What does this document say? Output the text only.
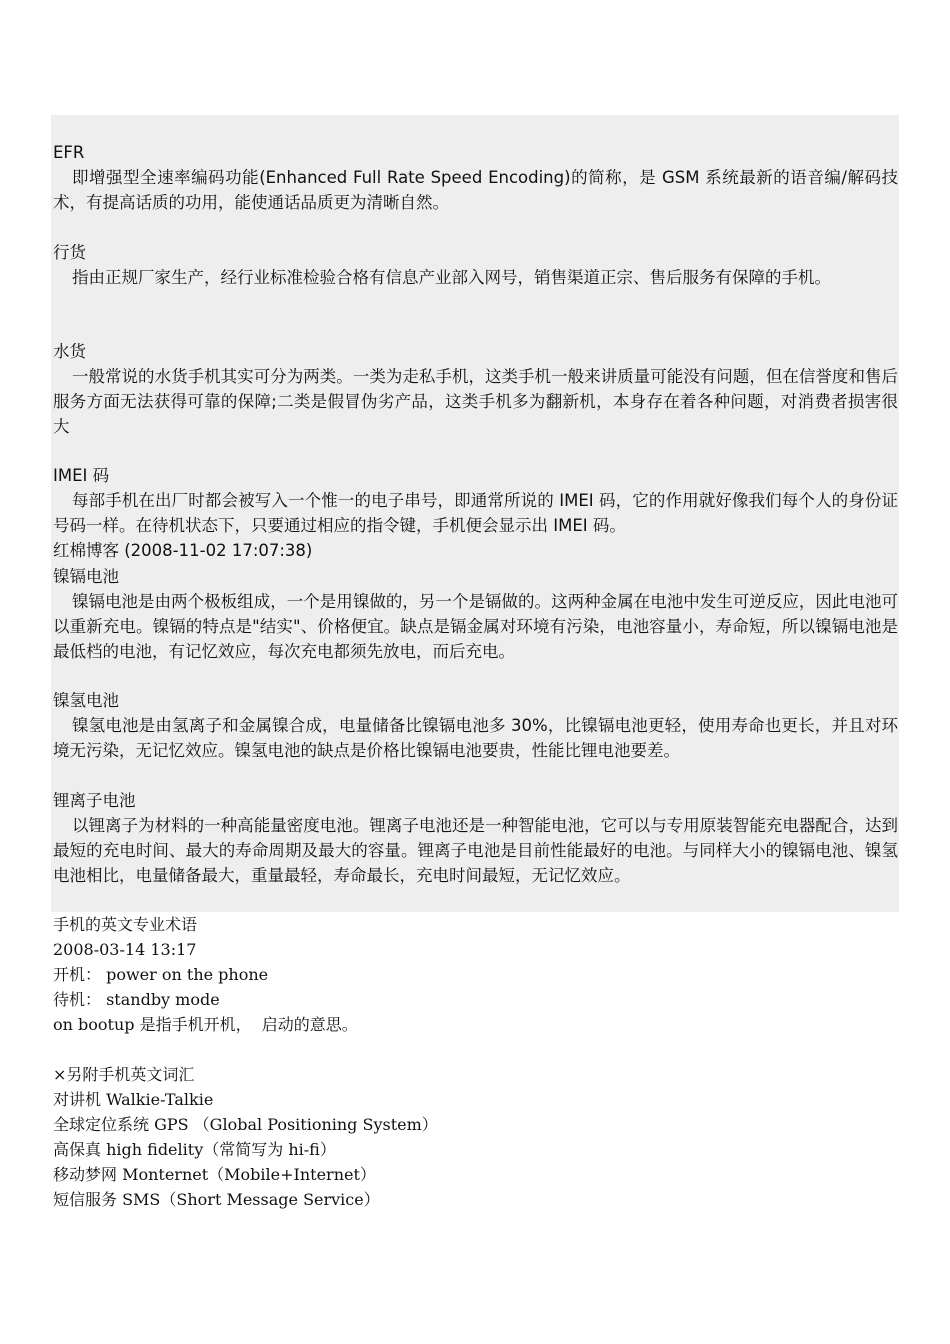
EFR

即增强型全速率编码功能(Enhanced Full Rate Speed Encoding)的简称，是 GSM 系统最新的语音编/解码技术，有提高话质的功用，能使通话品质更为清晰自然。

行货

指由正规厂家生产，经行业标准检验合格有信息产业部入网号，销售渠道正宗、售后服务有保障的手机。

水货

一般常说的水货手机其实可分为两类。一类为走私手机，这类手机一般来讲质量可能没有问题，但在信誉度和售后服务方面无法获得可靠的保障;二类是假冒伪劣产品，这类手机多为翻新机，本身存在着各种问题，对消费者损害很大

IMEI 码

每部手机在出厂时都会被写入一个惟一的电子串号，即通常所说的 IMEI 码，它的作用就好像我们每个人的身份证号码一样。在待机状态下，只要通过相应的指令键，手机便会显示出 IMEI 码。

红棉博客 (2008-11-02 17:07:38)
镍镉电池

镍镉电池是由两个极板组成，一个是用镍做的，另一个是镉做的。这两种金属在电池中发生可逆反应，因此电池可以重新充电。镍镉的特点是"结实"、价格便宜。缺点是镉金属对环境有污染，电池容量小，寿命短，所以镍镉电池是最低档的电池，有记忆效应，每次充电都须先放电，而后充电。

镍氢电池

镍氢电池是由氢离子和金属镍合成，电量储备比镍镉电池多 30%，比镍镉电池更轻，使用寿命也更长，并且对环境无污染，无记忆效应。镍氢电池的缺点是价格比镍镉电池要贵，性能比锂电池要差。

锂离子电池

以锂离子为材料的一种高能量密度电池。锂离子电池还是一种智能电池，它可以与专用原装智能充电器配合，达到最短的充电时间、最大的寿命周期及最大的容量。锂离子电池是目前性能最好的电池。与同样大小的镍镉电池、镍氢电池相比，电量储备最大，重量最轻，寿命最长，充电时间最短，无记忆效应。

手机的英文专业术语
2008-03-14 13:17
开机： power on the phone
待机： standby mode
on bootup 是指手机开机，  启动的意思。

×另附手机英文词汇
对讲机 Walkie-Talkie
全球定位系统 GPS （Global Positioning System）
高保真 high fidelity（常简写为 hi-fi）
移动梦网 Monternet（Mobile+Internet）
短信服务 SMS（Short Message Service）
